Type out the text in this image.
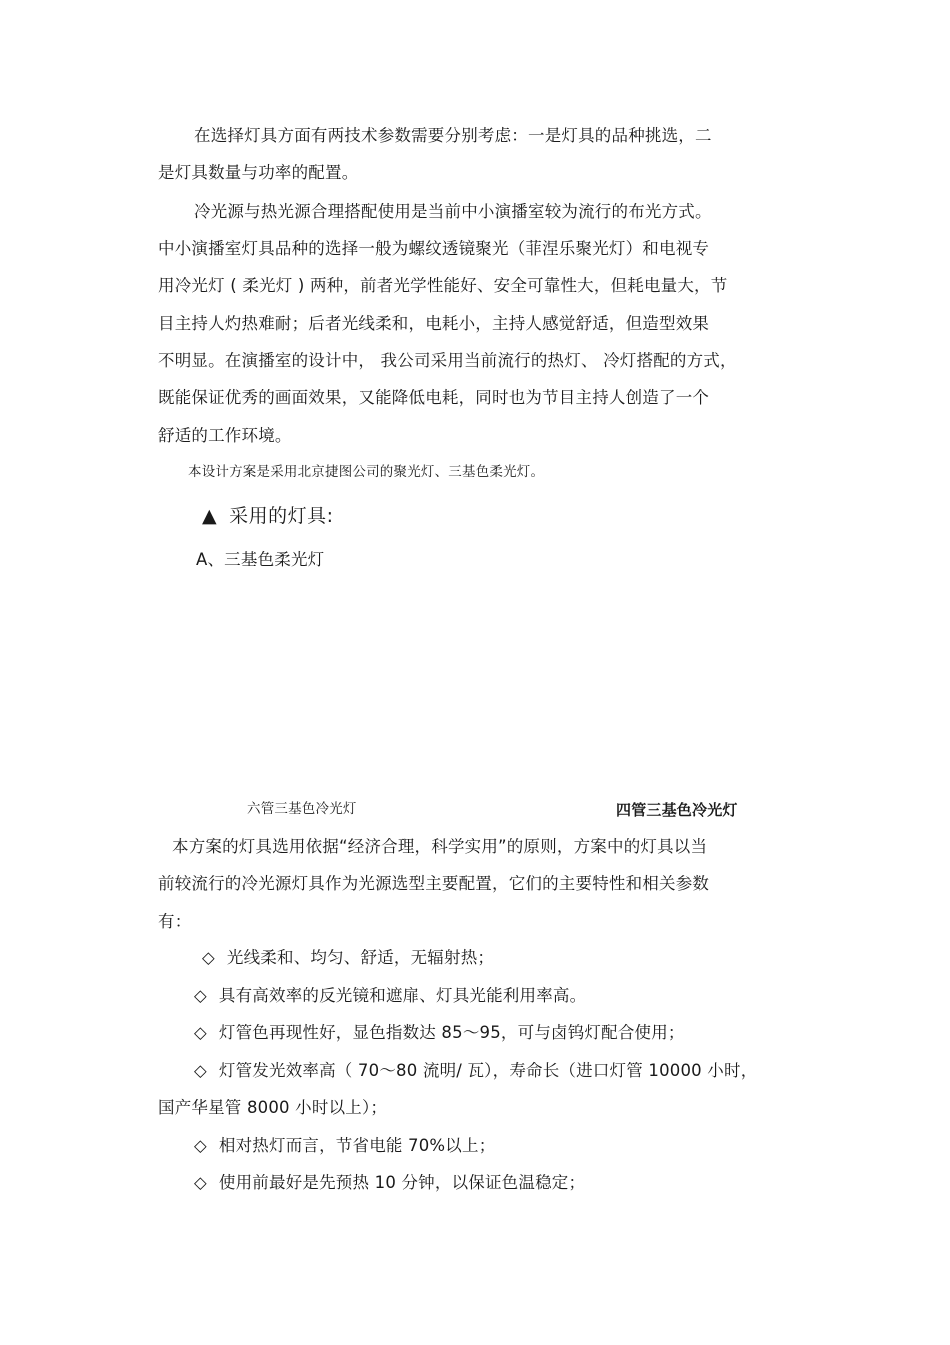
在选择灯具方面有两技术参数需要分别考虑：一是灯具的品种挑选，二
是灯具数量与功率的配置。
冷光源与热光源合理搭配使用是当前中小演播室较为流行的布光方式。
中小演播室灯具品种的选择一般为螺纹透镜聚光（菲涅乐聚光灯）和电视专
用冷光灯 ( 柔光灯 ) 两种，前者光学性能好、安全可靠性大，但耗电量大，节
目主持人灼热难耐；后者光线柔和，电耗小，主持人感觉舒适，但造型效果
不明显。在演播室的设计中， 我公司采用当前流行的热灯、 冷灯搭配的方式，
既能保证优秀的画面效果，又能降低电耗，同时也为节目主持人创造了一个
舒适的工作环境。
本设计方案是采用北京捷图公司的聚光灯、三基色柔光灯。
▲ 采用的灯具:
A、三基色柔光灯
六管三基色冷光灯	四管三基色冷光灯
本方案的灯具选用依据“经济合理，科学实用”的原则，方案中的灯具以当
前较流行的冷光源灯具作为光源选型主要配置，它们的主要特性和相关参数
有：
◇ 光线柔和、均匀、舒适，无辐射热；
◇ 具有高效率的反光镜和遮扉、灯具光能利用率高。
◇ 灯管色再现性好，显色指数达 85～95，可与卤钨灯配合使用；
◇ 灯管发光效率高（ 70～80 流明/ 瓦），寿命长（进口灯管 10000 小时，
国产华星管 8000 小时以上）；
◇ 相对热灯而言，节省电能 70%以上；
◇ 使用前最好是先预热 10 分钟，以保证色温稳定；
